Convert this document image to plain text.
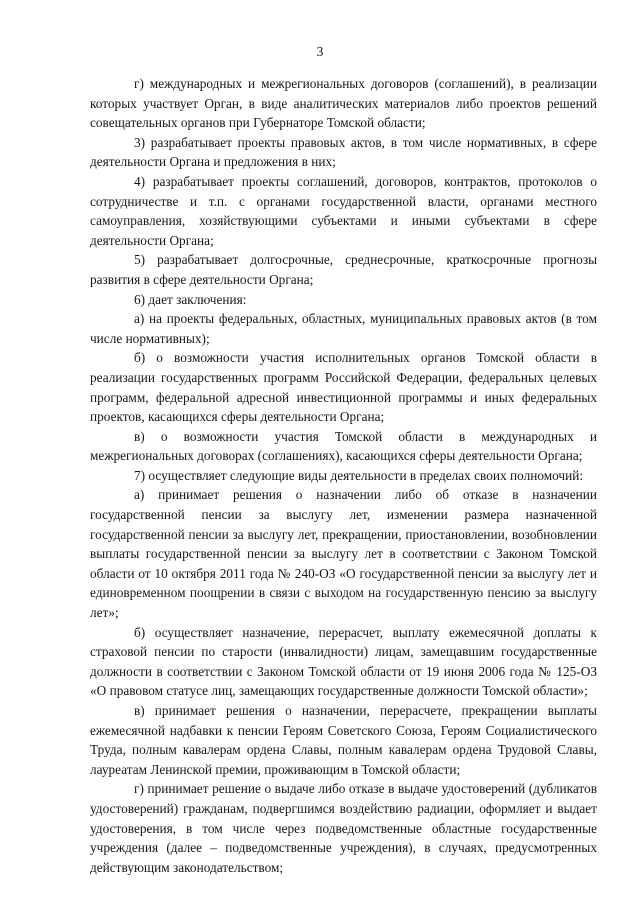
3

г) международных и межрегиональных договоров (соглашений), в реализации которых участвует Орган, в виде аналитических материалов либо проектов решений совещательных органов при Губернаторе Томской области;

3) разрабатывает проекты правовых актов, в том числе нормативных, в сфере деятельности Органа и предложения в них;

4) разрабатывает проекты соглашений, договоров, контрактов, протоколов о сотрудничестве и т.п. с органами государственной власти, органами местного самоуправления, хозяйствующими субъектами и иными субъектами в сфере деятельности Органа;

5) разрабатывает долгосрочные, среднесрочные, краткосрочные прогнозы развития в сфере деятельности Органа;

6) дает заключения:

а) на проекты федеральных, областных, муниципальных правовых актов (в том числе нормативных);

б) о возможности участия исполнительных органов Томской области в реализации государственных программ Российской Федерации, федеральных целевых программ, федеральной адресной инвестиционной программы и иных федеральных проектов, касающихся сферы деятельности Органа;

в) о возможности участия Томской области в международных и межрегиональных договорах (соглашениях), касающихся сферы деятельности Органа;

7) осуществляет следующие виды деятельности в пределах своих полномочий:

а) принимает решения о назначении либо об отказе в назначении государственной пенсии за выслугу лет, изменении размера назначенной государственной пенсии за выслугу лет, прекращении, приостановлении, возобновлении выплаты государственной пенсии за выслугу лет в соответствии с Законом Томской области от 10 октября 2011 года № 240-ОЗ «О государственной пенсии за выслугу лет и единовременном поощрении в связи с выходом на государственную пенсию за выслугу лет»;

б) осуществляет назначение, перерасчет, выплату ежемесячной доплаты к страховой пенсии по старости (инвалидности) лицам, замещавшим государственные должности в соответствии с Законом Томской области от 19 июня 2006 года № 125-ОЗ «О правовом статусе лиц, замещающих государственные должности Томской области»;

в) принимает решения о назначении, перерасчете, прекращении выплаты ежемесячной надбавки к пенсии Героям Советского Союза, Героям Социалистического Труда, полным кавалерам ордена Славы, полным кавалерам ордена Трудовой Славы, лауреатам Ленинской премии, проживающим в Томской области;

г) принимает решение о выдаче либо отказе в выдаче удостоверений (дубликатов удостоверений) гражданам, подвергшимся воздействию радиации, оформляет и выдает удостоверения, в том числе через подведомственные областные государственные учреждения (далее – подведомственные учреждения), в случаях, предусмотренных действующим законодательством;
